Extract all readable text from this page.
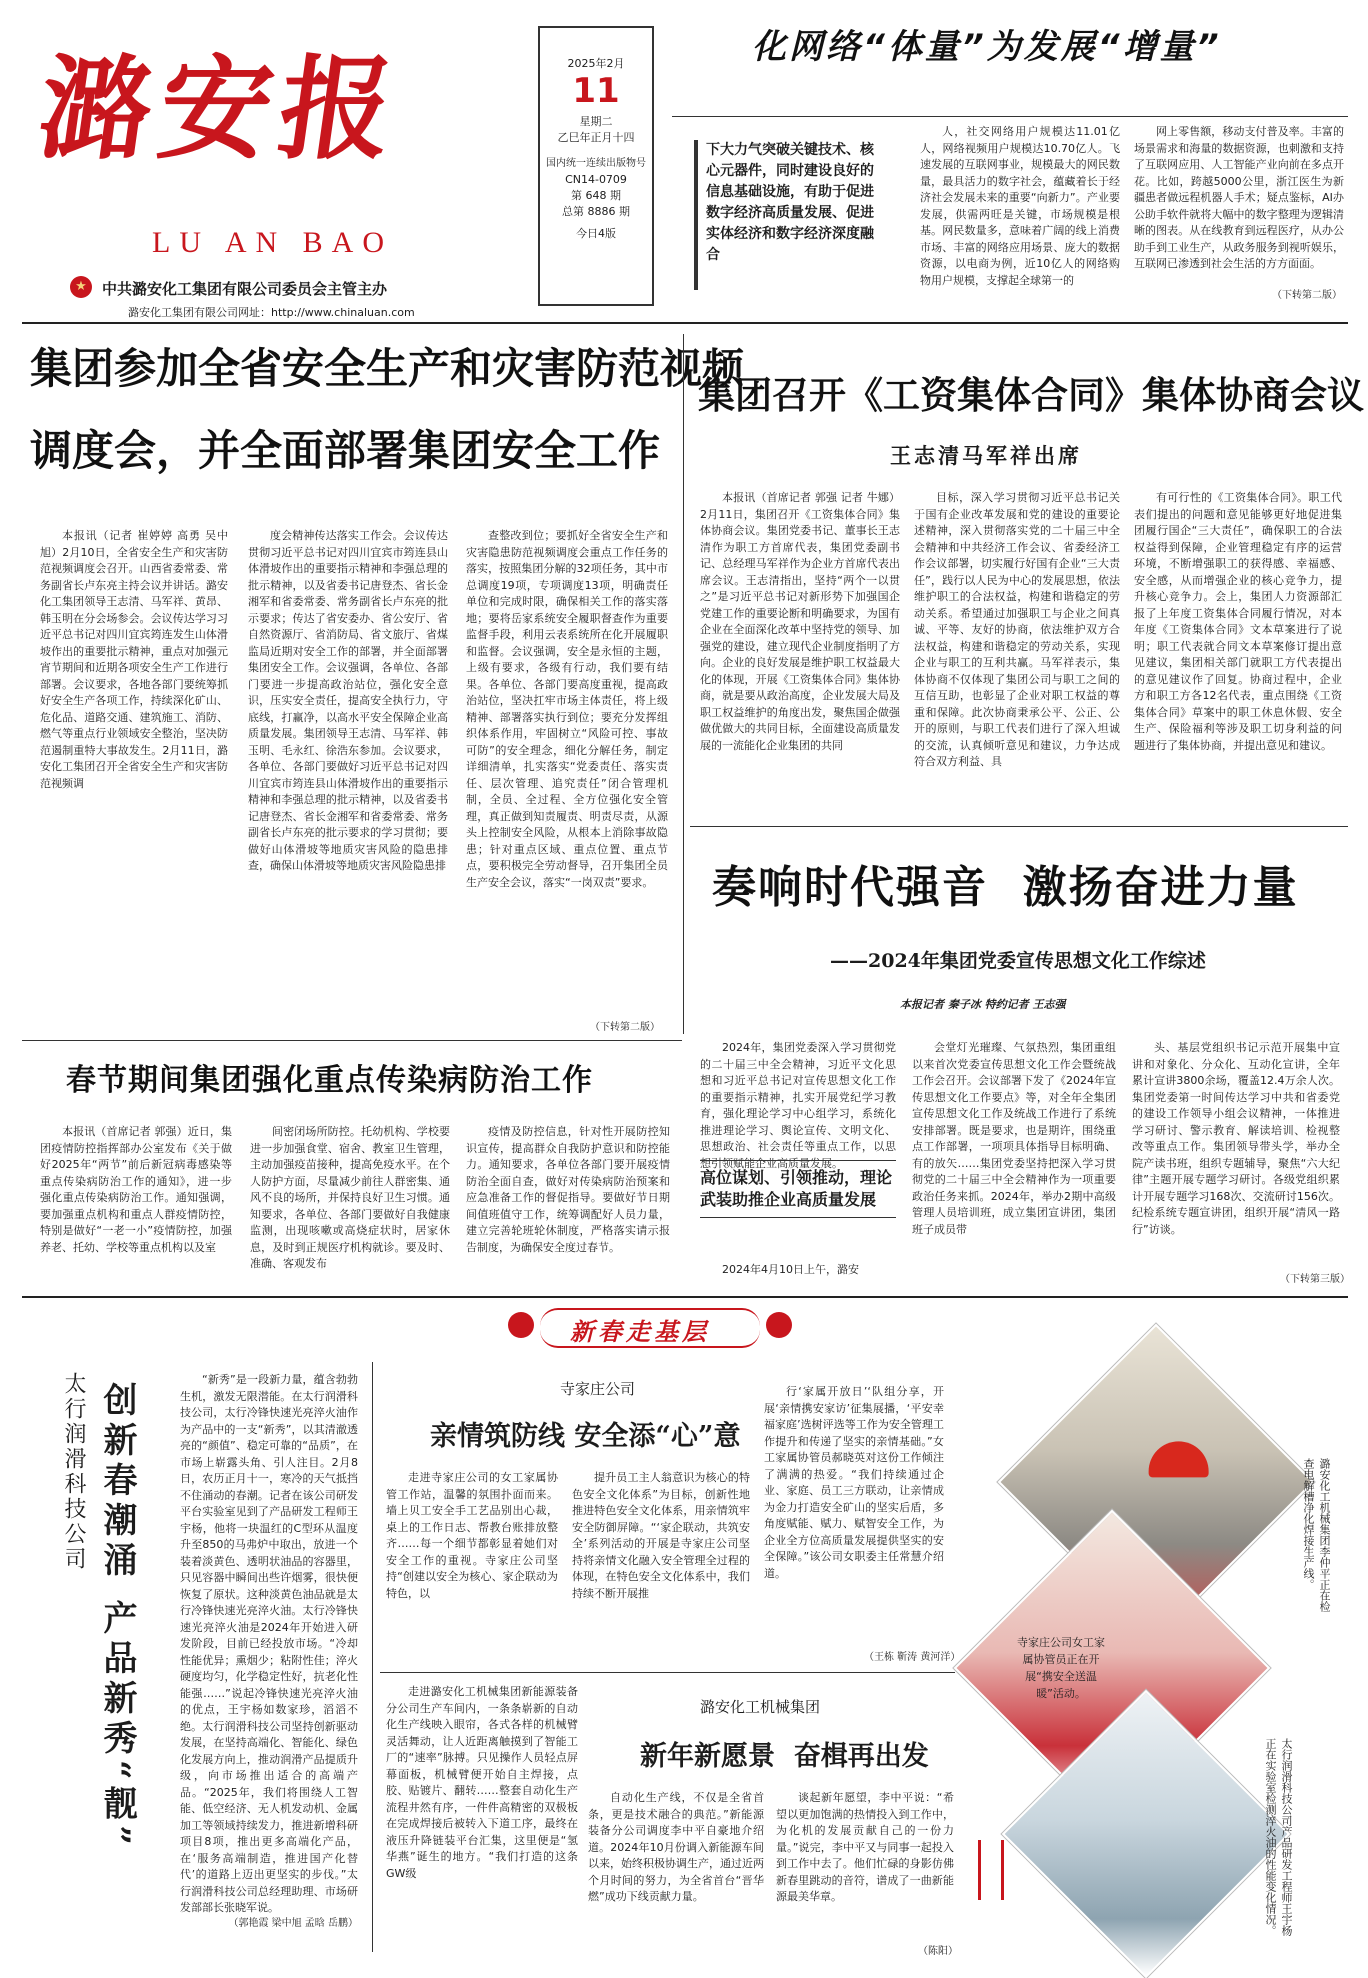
潞安报
LU AN BAO
★	中共潞安化工集团有限公司委员会主管主办
潞安化工集团有限公司网址：http://www.chinaluan.com
2025年2月
11
星期二
乙巳年正月十四
国内统一连续出版物号
CN14-0709
第 648 期
总第 8886 期
今日4版
化网络“体量”为发展“增量”
下大力气突破关键技术、核心元器件，同时建设良好的信息基础设施，有助于促进数字经济高质量发展、促进实体经济和数字经济深度融合
人，社交网络用户规模达11.01亿人，网络视频用户规模达10.70亿人。飞速发展的互联网事业，规模最大的网民数量，最具活力的数字社会，蕴藏着长于经济社会发展未来的重要“向新力”。产业要发展，供需两旺是关键，市场规模是根基。网民数量多，意味着广阔的线上消费市场、丰富的网络应用场景、庞大的数据资源，以电商为例，近10亿人的网络购物用户规模，支撑起全球第一的
网上零售额，移动支付普及率。丰富的场景需求和海量的数据资源，也刺激和支持了互联网应用、人工智能产业向前在多点开花。比如，跨越5000公里，浙江医生为新疆患者做远程机器人手术；疑点鉴标，AI办公助手软件就将大幅中的数字整理为逻辑清晰的图表。从在线教育到远程医疗，从办公助手到工业生产，从政务服务到视听娱乐，互联网已渗透到社会生活的方方面面。
（下转第二版）
集团参加全省安全生产和灾害防范视频
调度会，并全面部署集团安全工作
本报讯（记者 崔婷婷 高勇 吴中旭）2月10日，全省安全生产和灾害防范视频调度会召开。山西省委常委、常务副省长卢东亮主持会议并讲话。潞安化工集团领导王志清、马军祥、黄昂、韩玉明在分会场参会。会议传达学习习近平总书记对四川宜宾筠连发生山体滑坡作出的重要批示精神，重点对加强元宵节期间和近期各项安全生产工作进行部署。会议要求，各地各部门要统筹抓好安全生产各项工作，持续深化矿山、危化品、道路交通、建筑施工、消防、燃气等重点行业领域安全整治，坚决防范遏制重特大事故发生。2月11日，潞安化工集团召开全省安全生产和灾害防范视频调
度会精神传达落实工作会。会议传达贯彻习近平总书记对四川宜宾市筠连县山体滑坡作出的重要指示精神和李强总理的批示精神，以及省委书记唐登杰、省长金湘军和省委常委、常务副省长卢东亮的批示要求；传达了省安委办、省公安厅、省自然资源厅、省消防局、省文旅厅、省煤监局近期对安全工作的部署，并全面部署集团安全工作。会议强调，各单位、各部门要进一步提高政治站位，强化安全意识，压实安全责任，提高安全执行力，守底线，打赢净，以高水平安全保障企业高质量发展。集团领导王志清、马军祥、韩玉明、毛永红、徐浩东参加。会议要求，各单位、各部门要做好习近平总书记对四川宜宾市筠连县山体滑坡作出的重要指示精神和李强总理的批示精神，以及省委书记唐登杰、省长金湘军和省委常委、常务副省长卢东亮的批示要求的学习贯彻；要做好山体滑坡等地质灾害风险的隐患排查，确保山体滑坡等地质灾害风险隐患排
查整改到位；要抓好全省安全生产和灾害隐患防范视频调度会重点工作任务的落实，按照集团分解的32项任务，其中市总调度19项，专项调度13项，明确责任单位和完成时限，确保相关工作的落实落地；要将岳家系统安全履职督查作为重要监督手段，利用云表系统所在化开展履职和监督。会议强调，安全是永恒的主题，上级有要求，各级有行动，我们要有结果。各单位、各部门要高度重视，提高政治站位，坚决扛牢市场主体责任，将上级精神、部署落实执行到位；要充分发挥组织体系作用，牢固树立“风险可控、事故可防”的安全理念，细化分解任务，制定详细清单，扎实落实“党委责任、落实责任、层次管理、追究责任”闭合管理机制，全员、全过程、全方位强化安全管理，真正做到知责履责、明责尽责，从源头上控制安全风险，从根本上消除事故隐患；针对重点区域、重点位置、重点节点，要积极完全劳动督导，召开集团全员生产安全会议，落实“一岗双责”要求。
（下转第二版）
集团召开《工资集体合同》集体协商会议
王志清马军祥出席
本报讯（首席记者 郭强 记者 牛娜）2月11日，集团召开《工资集体合同》集体协商会议。集团党委书记、董事长王志清作为职工方首席代表，集团党委副书记、总经理马军祥作为企业方首席代表出席会议。王志清指出，坚持“两个一以贯之”是习近平总书记对新形势下加强国企党建工作的重要论断和明确要求，为国有企业在全面深化改革中坚持党的领导、加强党的建设，建立现代企业制度指明了方向。企业的良好发展是维护职工权益最大化的体现，开展《工资集体合同》集体协商，就是要从政治高度，企业发展大局及职工权益维护的角度出发，聚焦国企做强做优做大的共同目标，全面建设高质量发展的一流能化企业集团的共同
目标，深入学习贯彻习近平总书记关于国有企业改革发展和党的建设的重要论述精神，深入贯彻落实党的二十届三中全会精神和中共经济工作会议、省委经济工作会议部署，切实履行好国有企业“三大责任”，践行以人民为中心的发展思想，依法维护职工的合法权益，构建和谐稳定的劳动关系。希望通过加强职工与企业之间真诚、平等、友好的协商，依法维护双方合法权益，构建和谐稳定的劳动关系，实现企业与职工的互利共赢。马军祥表示，集体协商不仅体现了集团公司与职工之间的互信互助，也彰显了企业对职工权益的尊重和保障。此次协商秉承公平、公正、公开的原则，与职工代表们进行了深入坦诚的交流，认真倾听意见和建议，力争达成符合双方利益、具
有可行性的《工资集体合同》。职工代表们提出的问题和意见能够更好地促进集团履行国企“三大责任”，确保职工的合法权益得到保障，企业管理稳定有序的运营环境，不断增强职工的获得感、幸福感、安全感，从而增强企业的核心竞争力，提升核心竞争力。会上，集团人力资源部汇报了上年度工资集体合同履行情况，对本年度《工资集体合同》文本草案进行了说明；职工代表就合同文本草案修订提出意见建议，集团相关部门就职工方代表提出的意见建议作了回复。协商过程中，企业方和职工方各12名代表，重点围绕《工资集体合同》草案中的职工休息休假、安全生产、保险福利等涉及职工切身利益的问题进行了集体协商，并提出意见和建议。
奏响时代强音  激扬奋进力量
——2024年集团党委宣传思想文化工作综述
本报记者 秦子冰 特约记者 王志强
2024年，集团党委深入学习贯彻党的二十届三中全会精神，习近平文化思想和习近平总书记对宣传思想文化工作的重要指示精神，扎实开展党纪学习教育，强化理论学习中心组学习，系统化推进理论学习、舆论宣传、文明文化、思想政治、社会责任等重点工作，以思想引领赋能企业高质量发展。
高位谋划、引领推动，理论武装助推企业高质量发展
2024年4月10日上午，潞安
会堂灯光璀璨、气氛热烈，集团重组以来首次党委宣传思想文化工作会暨统战工作会召开。会议部署下发了《2024年宣传思想文化工作要点》等，对全年全集团宣传思想文化工作及统战工作进行了系统安排部署。既是要求，也是期许，围绕重点工作部署，一项项具体指导目标明确、有的放矢……集团党委坚持把深入学习贯彻党的二十届三中全会精神作为一项重要政治任务来抓。2024年，举办2期中高级管理人员培训班，成立集团宣讲团，集团班子成员带
头、基层党组织书记示范开展集中宣讲和对象化、分众化、互动化宣讲，全年累计宣讲3800余场，覆盖12.4万余人次。集团党委第一时间传达学习中共和省委党的建设工作领导小组会议精神，一体推进学习研讨、警示教育、解读培训、检视整改等重点工作。集团领导带头学，举办全院产读书班，组织专题辅导，聚焦“六大纪律”主题开展专题学习研讨。各级党组织累计开展专题学习168次、交流研讨156次。纪检系统专题宣讲团，组织开展“清风一路行”访谈。
（下转第三版）
春节期间集团强化重点传染病防治工作
本报讯（首席记者 郭强）近日，集团疫情防控指挥部办公室发布《关于做好2025年“两节”前后新冠病毒感染等重点传染病防治工作的通知》，进一步强化重点传染病防治工作。通知强调，要加强重点机构和重点人群疫情防控，特别是做好“一老一小”疫情防控，加强养老、托幼、学校等重点机构以及室
间密闭场所防控。托幼机构、学校要进一步加强食堂、宿舍、教室卫生管理，主动加强疫苗接种，提高免疫水平。在个人防护方面，尽量减少前往人群密集、通风不良的场所，并保持良好卫生习惯。通知要求，各单位、各部门要做好自我健康监测，出现咳嗽或高烧症状时，居家休息，及时到正规医疗机构就诊。要及时、准确、客观发布
疫情及防控信息，针对性开展防控知识宣传，提高群众自我防护意识和防控能力。通知要求，各单位各部门要开展疫情防治全面自查，做好对传染病防治预案和应急准备工作的督促指导。要做好节日期间值班值守工作，统筹调配好人员力量，建立完善轮班轮休制度，严格落实请示报告制度，为确保安全度过春节。
新春走基层
太行润滑科技公司 创新春潮涌 产品新秀“靓”
“新秀”是一段新力量，蕴含勃勃生机，激发无限潜能。在太行润滑科技公司，太行冷锋快速光亮淬火油作为产品中的一支“新秀”，以其清澈透亮的“颜值”、稳定可靠的“品质”，在市场上崭露头角、引人注目。2月8日，农历正月十一，寒冷的天气抵挡不住涌动的春潮。记者在该公司研发平台实验室见到了产品研发工程师王宇杨，他将一块温红的C型环从温度升至850的马弗炉中取出，放进一个装着淡黄色、透明状油品的容器里，只见容器中瞬间出些许烟雾，很快便恢复了原状。这种淡黄色油品就是太行冷锋快速光亮淬火油。太行冷锋快速光亮淬火油是2024年开始进入研发阶段，目前已经投放市场。“冷却性能优异；熏烟少；粘附性佳；淬火硬度均匀，化学稳定性好，抗老化性能强……”说起冷锋快速光亮淬火油的优点，王宇杨如数家珍，滔滔不绝。太行润滑科技公司坚持创新驱动发展，在坚持高端化、智能化、绿色化发展方向上，推动润滑产品提质升级，向市场推出适合的高端产品。“2025年，我们将围绕人工智能、低空经济、无人机发动机、金属加工等领域持续发力，推进新增科研项目8项，推出更多高端化产品，在‘服务高端制造，推进国产化替代’的道路上迈出更坚实的步伐。”太行润滑科技公司总经理助理、市场研发部部长张晓军说。
（郭艳霞 梁中旭 孟晗 岳鹏）
寺家庄公司
亲情筑防线 安全添“心”意
走进寺家庄公司的女工家属协管工作站，温馨的氛围扑面而来。墙上贝工安全手工艺品别出心裁，桌上的工作日志、帮教台账排放整齐……每一个细节都彰显着她们对安全工作的重视。寺家庄公司坚持“创建以安全为核心、家企联动为特色，以
提升员工主人翁意识为核心的特色安全文化体系”为目标，创新性地推进特色安全文化体系，用亲情筑牢安全防御屏障。“‘家企联动，共筑安全’系列活动的开展是寺家庄公司坚持将亲情文化融入安全管理全过程的体现，在特色安全文化体系中，我们持续不断开展推
行‘家属开放日’‘队组分享，开展‘亲情携安家访’征集展播，‘平安幸福家庭’选树评选等工作为安全管理工作提升和传递了坚实的亲情基础。”女工家属协管员郝晓英对这份工作倾注了满满的热爱。“我们持续通过企业、家庭、员工三方联动，让亲情成为金力打造安全矿山的坚实后盾，多角度赋能、赋力、赋智安全工作，为企业全方位高质量发展提供坚实的安全保障。”该公司女职委主任常慧介绍道。
（王栋 靳涛 黄河洋）
潞安化工机械集团
新年新愿景  奋楫再出发
走进潞安化工机械集团新能源装备分公司生产车间内，一条条崭新的自动化生产线映入眼帘，各式各样的机械臂灵活舞动，让人近距离触摸到了智能工厂的“速率”脉搏。只见操作人员轻点屏幕面板，机械臂便开始自主焊接，点胶、贴镀片、翻转……整套自动化生产流程井然有序，一件件高精密的双极板在完成焊接后被转入下道工序，最终在液压升降链装平台汇集，这里便是“氢华燕”诞生的地方。“我们打造的这条GW级
自动化生产线，不仅是全省首条，更是技术融合的典范。”新能源装备分公司调度李中平自豪地介绍道。2024年10月份调入新能源车间以来，始终积极协调生产，通过近两个月时间的努力，为全省首台“晋华燃”成功下线贡献力量。
谈起新年愿望，李中平说：“希望以更加饱满的热情投入到工作中，为化机的发展贡献自己的一份力量。”说完，李中平又与同事一起投入到工作中去了。他们忙碌的身影仿佛新春里跳动的音符，谱成了一曲新能源最美华章。
（陈阳）
潞安化工机械集团李仲平正在检查电解槽净化焊接生产线。
寺家庄公司女工家属协管员正在开展“携安全送温暖”活动。
太行润滑科技公司产品研发工程师王宇杨正在实验室检测淬火油的性能变化情况。
